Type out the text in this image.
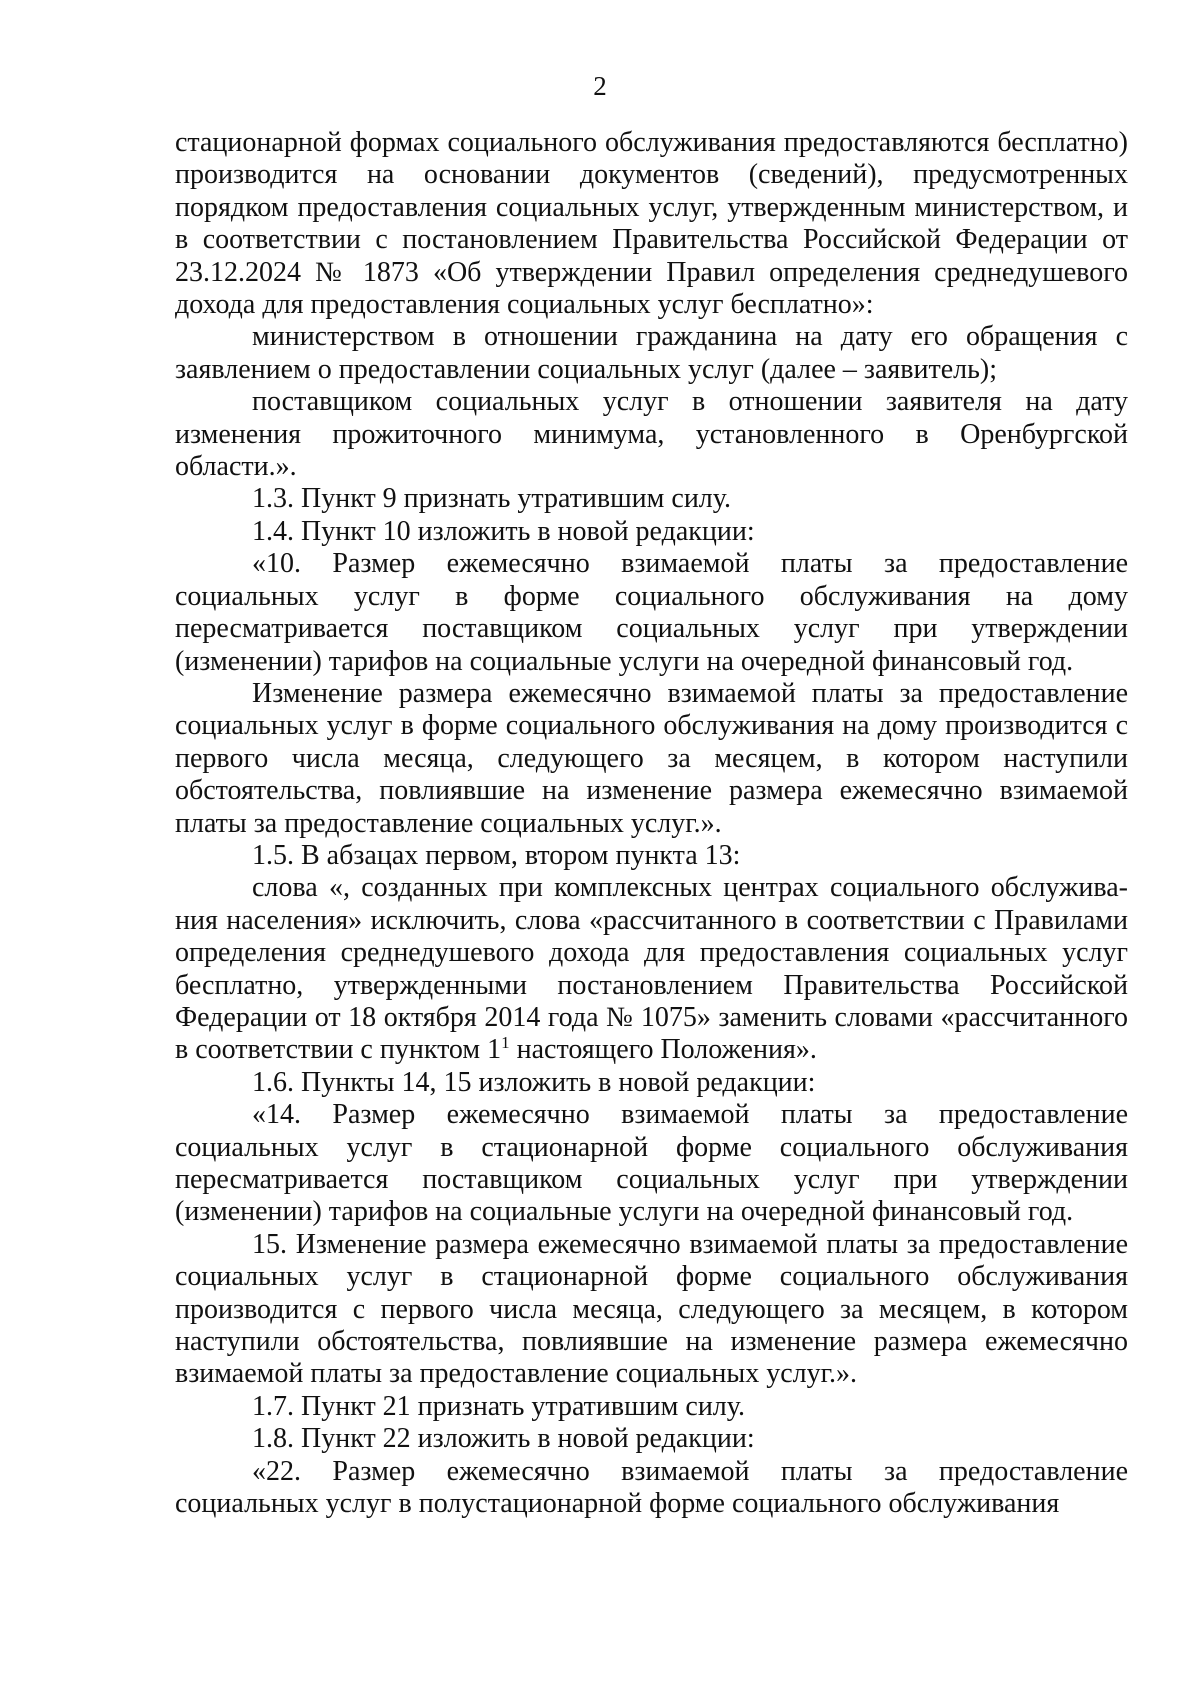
2

стационарной формах социального обслуживания предоставляются бесплатно) производится на основании документов (сведений), предусмотренных порядком предоставления социальных услуг, утвержденным министерством, и в соответствии с постановлением Правительства Российской Федерации от 23.12.2024 № 1873 «Об утверждении Правил определения среднедушевого дохода для предоставления социальных услуг бесплатно»:

министерством в отношении гражданина на дату его обращения с заявлением о предоставлении социальных услуг (далее – заявитель);

поставщиком социальных услуг в отношении заявителя на дату изменения прожиточного минимума, установленного в Оренбургской области.».

1.3. Пункт 9 признать утратившим силу.

1.4. Пункт 10 изложить в новой редакции:

«10. Размер ежемесячно взимаемой платы за предоставление социальных услуг в форме социального обслуживания на дому пересматривается поставщиком социальных услуг при утверждении (изменении) тарифов на социальные услуги на очередной финансовый год.

Изменение размера ежемесячно взимаемой платы за предоставление социальных услуг в форме социального обслуживания на дому производится с первого числа месяца, следующего за месяцем, в котором наступили обстоятельства, повлиявшие на изменение размера ежемесячно взимаемой платы за предоставление социальных услуг.».

1.5. В абзацах первом, втором пункта 13:

слова «, созданных при комплексных центрах социального обслуживания населения» исключить, слова «рассчитанного в соответствии с Правилами определения среднедушевого дохода для предоставления социальных услуг бесплатно, утвержденными постановлением Правительства Российской Федерации от 18 октября 2014 года № 1075» заменить словами «рассчитанного в соответствии с пунктом $1^1$ настоящего Положения».

1.6. Пункты 14, 15 изложить в новой редакции:

«14. Размер ежемесячно взимаемой платы за предоставление социальных услуг в стационарной форме социального обслуживания пересматривается поставщиком социальных услуг при утверждении (изменении) тарифов на социальные услуги на очередной финансовый год.

15. Изменение размера ежемесячно взимаемой платы за предоставление социальных услуг в стационарной форме социального обслуживания производится с первого числа месяца, следующего за месяцем, в котором наступили обстоятельства, повлиявшие на изменение размера ежемесячно взимаемой платы за предоставление социальных услуг.».

1.7. Пункт 21 признать утратившим силу.

1.8. Пункт 22 изложить в новой редакции:

«22. Размер ежемесячно взимаемой платы за предоставление социальных услуг в полустационарной форме социального обслуживания
